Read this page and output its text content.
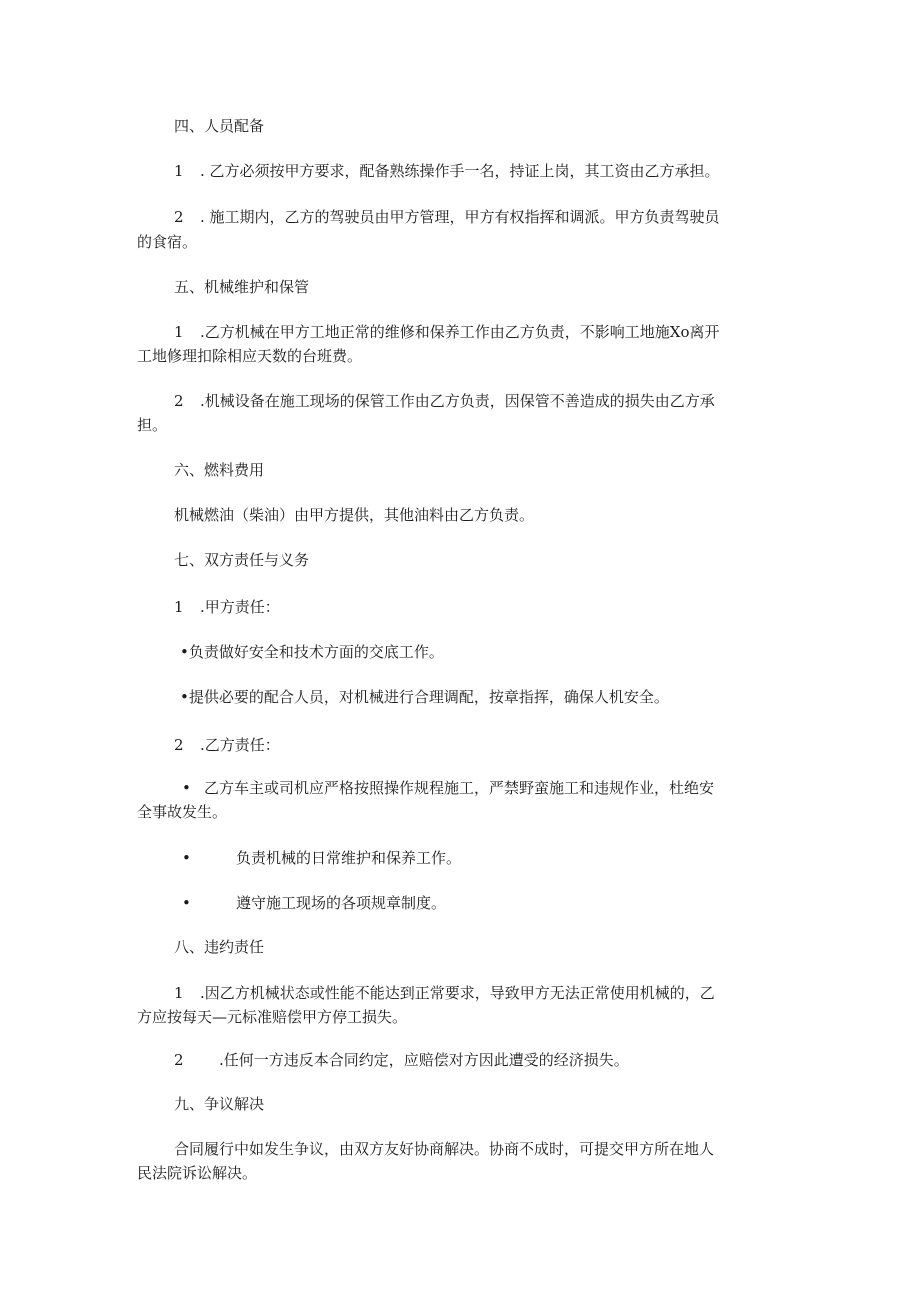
四、人员配备
1 . 乙方必须按甲方要求，配备熟练操作手一名，持证上岗，其工资由乙方承担。
2 . 施工期内，乙方的驾驶员由甲方管理，甲方有权指挥和调派。甲方负责驾驶员
的食宿。
五、机械维护和保管
1 .乙方机械在甲方工地正常的维修和保养工作由乙方负责，不影响工地施Xo离开
工地修理扣除相应天数的台班费。
2 .机械设备在施工现场的保管工作由乙方负责，因保管不善造成的损失由乙方承
担。
六、燃料费用
机械燃油（柴油）由甲方提供，其他油料由乙方负责。
七、双方责任与义务
1 .甲方责任：
•负责做好安全和技术方面的交底工作。
•提供必要的配合人员，对机械进行合理调配，按章指挥，确保人机安全。
2 .乙方责任：
• 乙方车主或司机应严格按照操作规程施工，严禁野蛮施工和违规作业，杜绝安
全事故发生。
•	负责机械的日常维护和保养工作。
•	遵守施工现场的各项规章制度。
八、违约责任
1 .因乙方机械状态或性能不能达到正常要求，导致甲方无法正常使用机械的，乙
方应按每天—元标准赔偿甲方停工损失。
2 .任何一方违反本合同约定，应赔偿对方因此遭受的经济损失。
九、争议解决
合同履行中如发生争议，由双方友好协商解决。协商不成时，可提交甲方所在地人
民法院诉讼解决。
